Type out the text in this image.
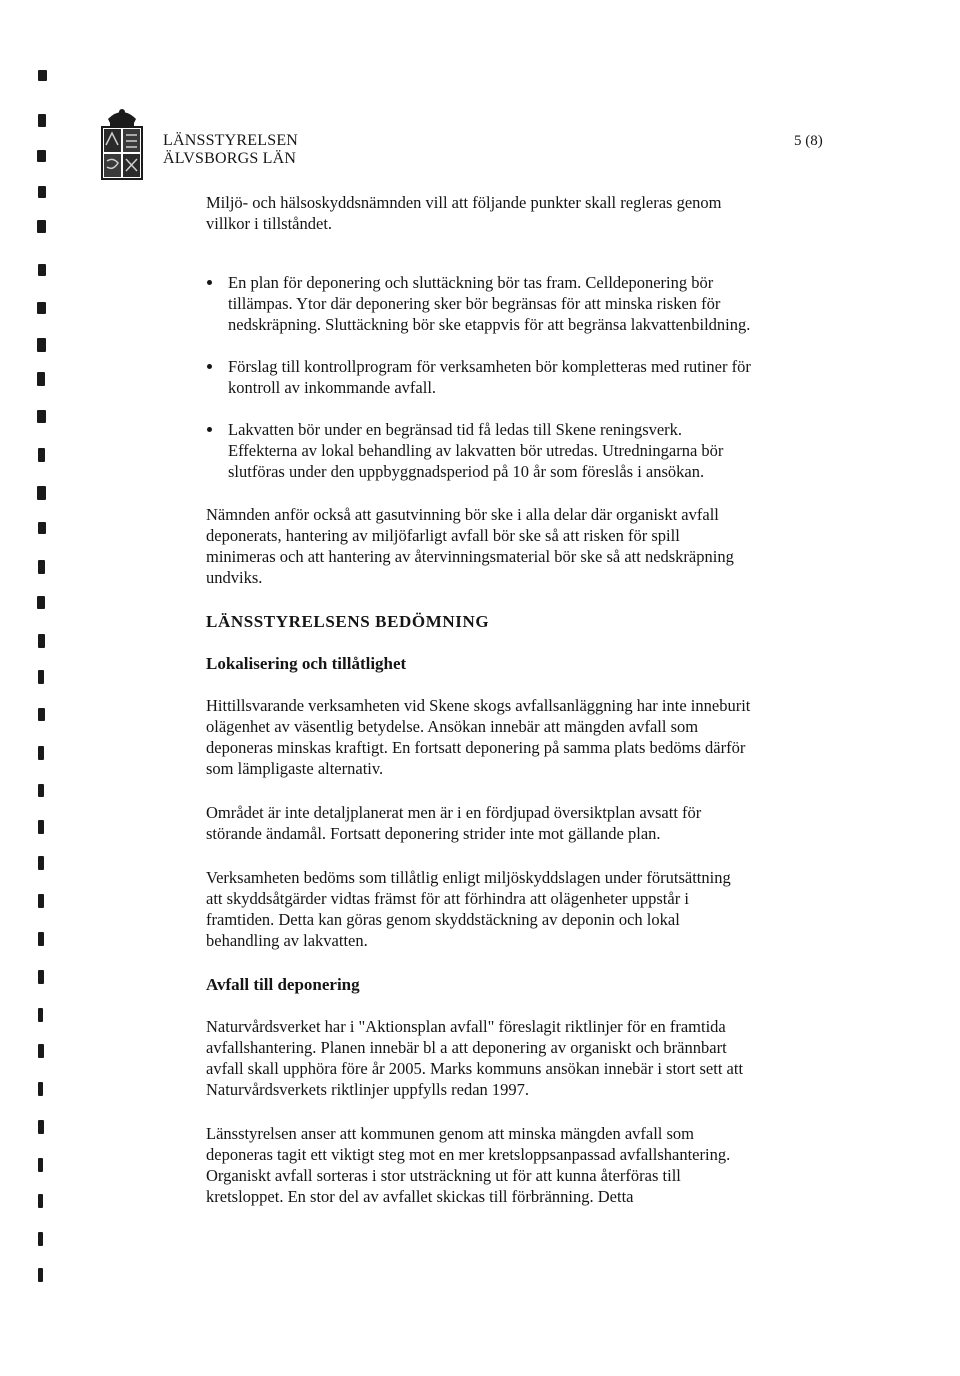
LÄNSSTYRELSEN
ÄLVSBORGS LÄN
5 (8)

Miljö- och hälsoskyddsnämnden vill att följande punkter skall regleras genom villkor i tillståndet.

En plan för deponering och sluttäckning bör tas fram. Celldeponering bör tillämpas. Ytor där deponering sker bör begränsas för att minska risken för nedskräpning. Sluttäckning bör ske etappvis för att begränsa lakvattenbildning.
Förslag till kontrollprogram för verksamheten bör kompletteras med rutiner för kontroll av inkommande avfall.
Lakvatten bör under en begränsad tid få ledas till Skene reningsverk. Effekterna av lokal behandling av lakvatten bör utredas. Utredningarna bör slutföras under den uppbyggnadsperiod på 10 år som föreslås i ansökan.

Nämnden anför också att gasutvinning bör ske i alla delar där organiskt avfall deponerats, hantering av miljöfarligt avfall bör ske så att risken för spill minimeras och att hantering av återvinningsmaterial bör ske så att nedskräpning undviks.

LÄNSSTYRELSENS BEDÖMNING

Lokalisering och tillåtlighet

Hittillsvarande verksamheten vid Skene skogs avfallsanläggning har inte inneburit olägenhet av väsentlig betydelse. Ansökan innebär att mängden avfall som deponeras minskas kraftigt. En fortsatt deponering på samma plats bedöms därför som lämpligaste alternativ.

Området är inte detaljplanerat men är i en fördjupad översiktplan avsatt för störande ändamål. Fortsatt deponering strider inte mot gällande plan.

Verksamheten bedöms som tillåtlig enligt miljöskyddslagen under förutsättning att skyddsåtgärder vidtas främst för att förhindra att olägenheter uppstår i framtiden. Detta kan göras genom skyddstäckning av deponin och lokal behandling av lakvatten.

Avfall till deponering

Naturvårdsverket har i "Aktionsplan avfall" föreslagit riktlinjer för en framtida avfallshantering. Planen innebär bl a att deponering av organiskt och brännbart avfall skall upphöra före år 2005. Marks kommuns ansökan innebär i stort sett att Naturvårdsverkets riktlinjer uppfylls redan 1997.

Länsstyrelsen anser att kommunen genom att minska mängden avfall som deponeras tagit ett viktigt steg mot en mer kretsloppsanpassad avfallshantering. Organiskt avfall sorteras i stor utsträckning ut för att kunna återföras till kretsloppet. En stor del av avfallet skickas till förbränning. Detta
